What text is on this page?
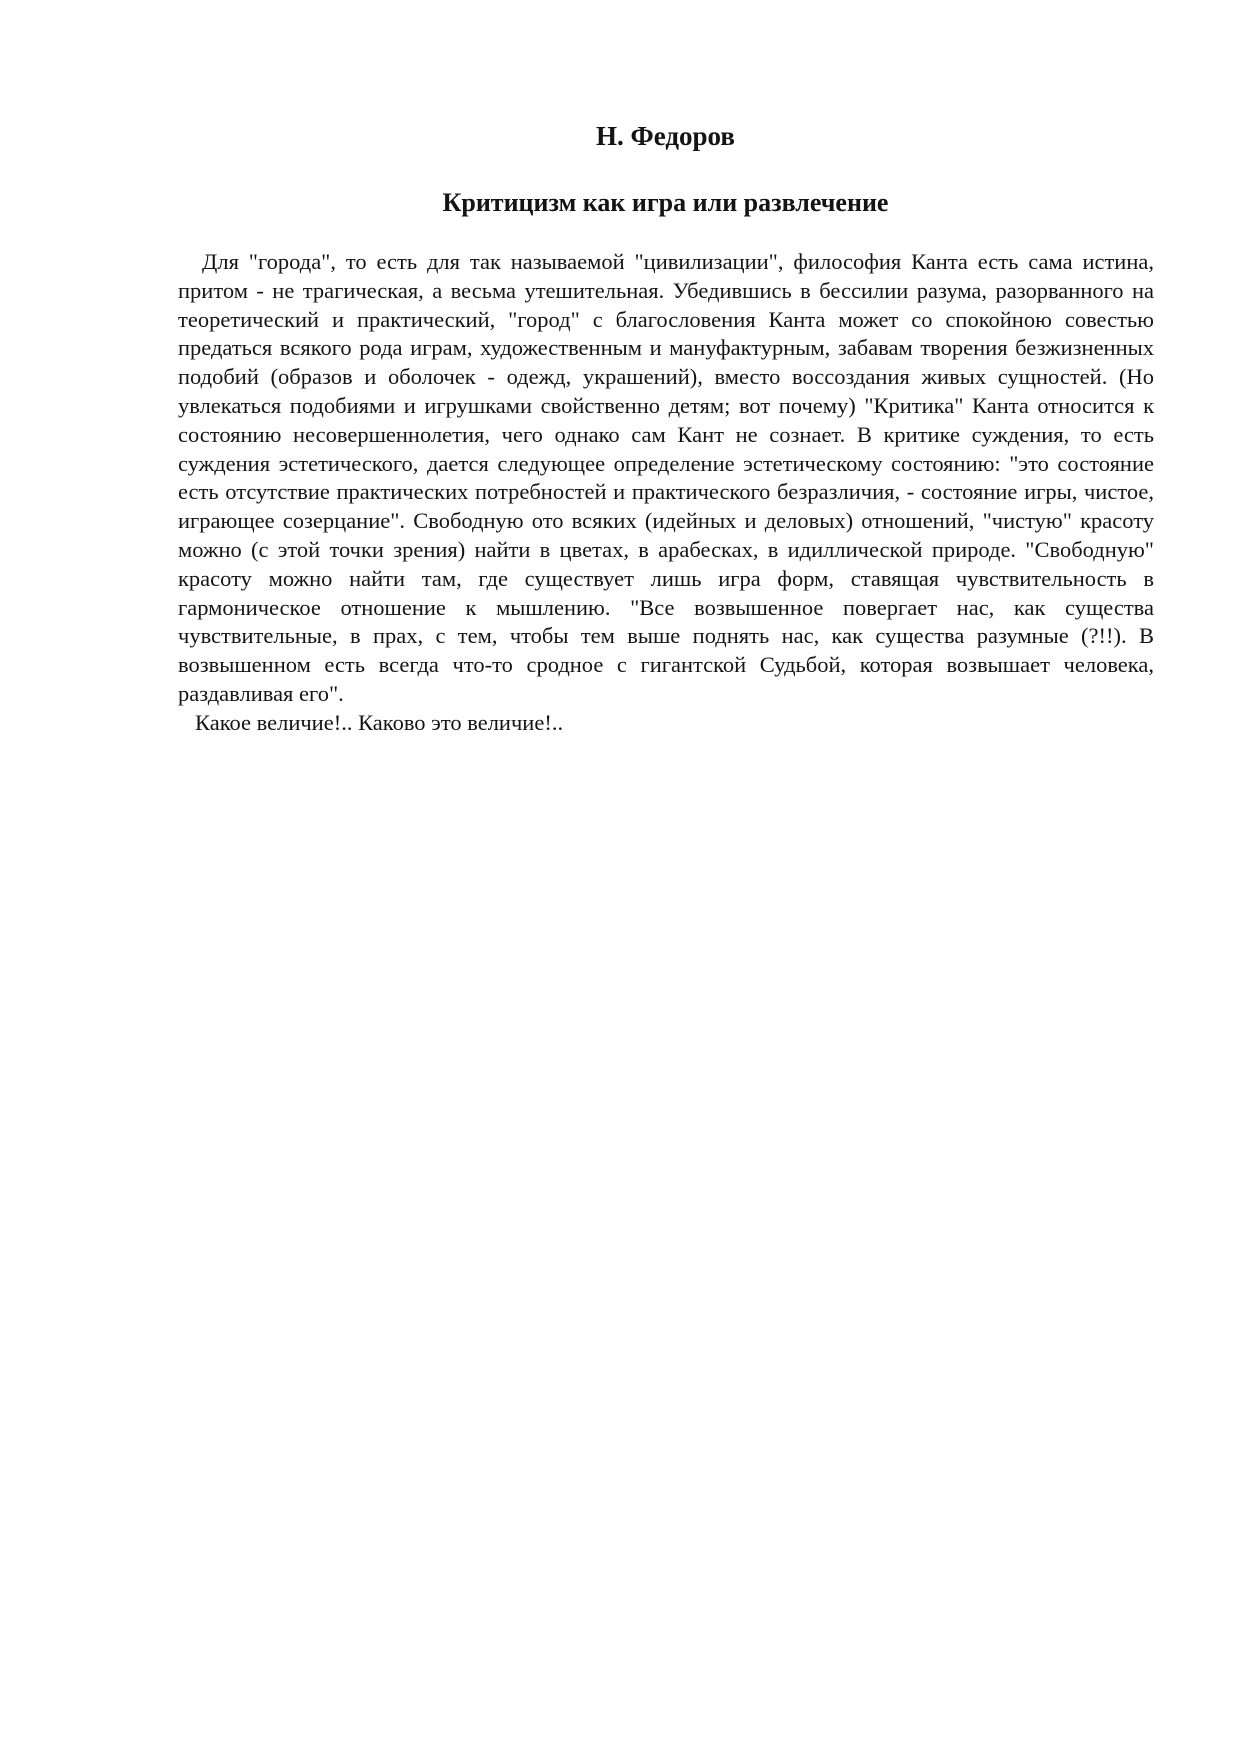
Н. Федоров
Критицизм как игра или развлечение

Для "города", то есть для так называемой "цивилизации", философия Канта есть сама истина, притом - не трагическая, а весьма утешительная. Убедившись в бессилии разума, разорванного на теоретический и практический, "город" с благословения Канта может со спокойною совестью предаться всякого рода играм, художественным и мануфактурным, забавам творения безжизненных подобий (образов и оболочек - одежд, украшений), вместо воссоздания живых сущностей. (Но увлекаться подобиями и игрушками свойственно детям; вот почему) "Критика" Канта относится к состоянию несовершеннолетия, чего однако сам Кант не сознает. В критике суждения, то есть суждения эстетического, дается следующее определение эстетическому состоянию: "это состояние есть отсутствие практических потребностей и практического безразличия, - состояние игры, чистое, играющее созерцание". Свободную ото всяких (идейных и деловых) отношений, "чистую" красоту можно (с этой точки зрения) найти в цветах, в арабесках, в идиллической природе. "Свободную" красоту можно найти там, где существует лишь игра форм, ставящая чувствительность в гармоническое отношение к мышлению. "Все возвышенное повергает нас, как существа чувствительные, в прах, с тем, чтобы тем выше поднять нас, как существа разумные (?!!). В возвышенном есть всегда что-то сродное с гигантской Судьбой, которая возвышает человека, раздавливая его".

Какое величие!.. Каково это величие!..
